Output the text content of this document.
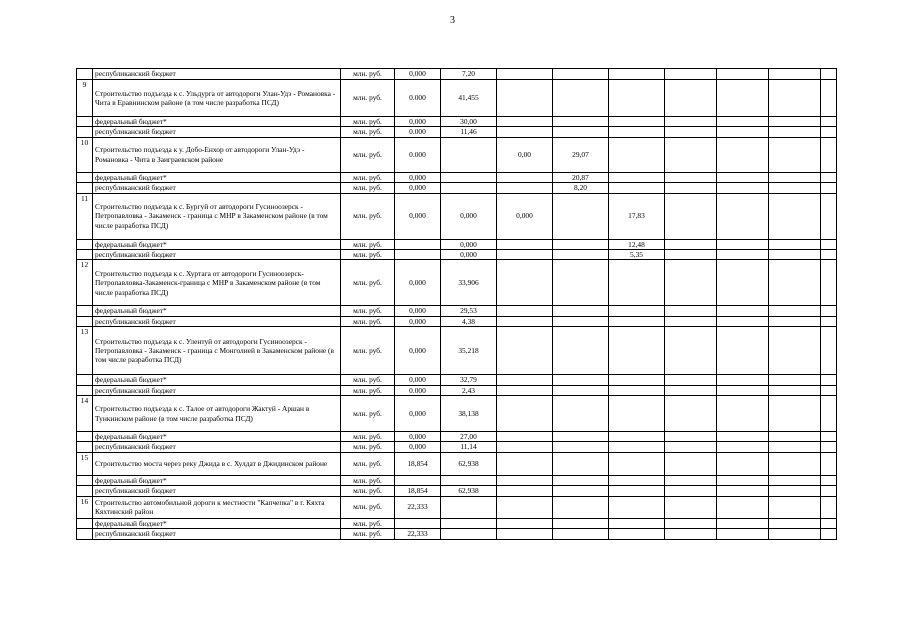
3
	республиканский бюджет	млн. руб.	0,000	7,20								
9	Строительство подъезда к с. Ульдурга от автодороги Улан-Удэ - Романовка - Чита в Еравнинском районе (в том числе разработка ПСД)	млн. руб.	0.000	41,455								
	федеральный бюджет*	млн. руб.	0,000	30,00								
	республиканский бюджет	млн. руб.	0.000	11,46								
10	Строительство подъезда к у. Добо-Енхор от автодороги Улан-Удэ - Романовка - Чита в Заиграевском районе	млн. руб.	0.000		0,00	29,07						
	федеральный бюджет*	млн. руб.	0,000			20,87						
	республиканский бюджет	млн. руб.	0,000			8,20						
11	Строительство подъезда к с. Бургуй от автодороги Гусиноозерск - Петропавловка - Закаменск - граница с МНР в Закаменском районе (в том числе разработка ПСД)	млн. руб.	0,000	0,000	0,000		17,83					
	федеральный бюджет*	млн. руб.		0,000			12,48					
	республиканский бюджет	млн. руб.		0,000			5,35					
12	Строительство подъезда к с. Хуртага от автодороги Гусиноозерск-Петропавловка-Закаменск-граница с МНР в Закаменском районе (в том числе разработка ПСД)	млн. руб.	0,000	33,906								
	федеральный бюджет*	млн. руб.	0,000	29,53								
	республиканский бюджет	млн. руб.	0,000	4,38								
13	Строительство подъезда к с. Улентуй от автодороги Гусиноозерск - Петропавловка - Закаменск - граница с Монголией в Закаменском районе (в том числе разработка ПСД)	млн. руб.	0,000	35,218								
	федеральный бюджет*	млн. руб.	0,000	32,79								
	республиканский бюджет	млн. руб.	0.000	2,43								
14	Строительство подъезда к с. Талое от автодороги Жактуй - Аршан в Тункинском районе (в том числе разработка ПСД)	млн. руб.	0,000	38,138								
	федеральный бюджет*	млн. руб.	0,000	27,00								
	республиканский бюджет	млн. руб.	0,000	11,14								
15	Строительство моста через реку Джида в с. Хулдат в Джидинском районе	млн. руб.	18,854	62,938								
	федеральный бюджет*	млн. руб.										
	республиканский бюджет	млн. руб.	18,854	62,938								
16	Строительство автомобильной дороги к местности "Капчепка" в г. Кяхта Кяхтинский район	млн. руб.	22,333									
	федеральный бюджет*	млн. руб.										
	республиканский бюджет	млн. руб.	22,333									
